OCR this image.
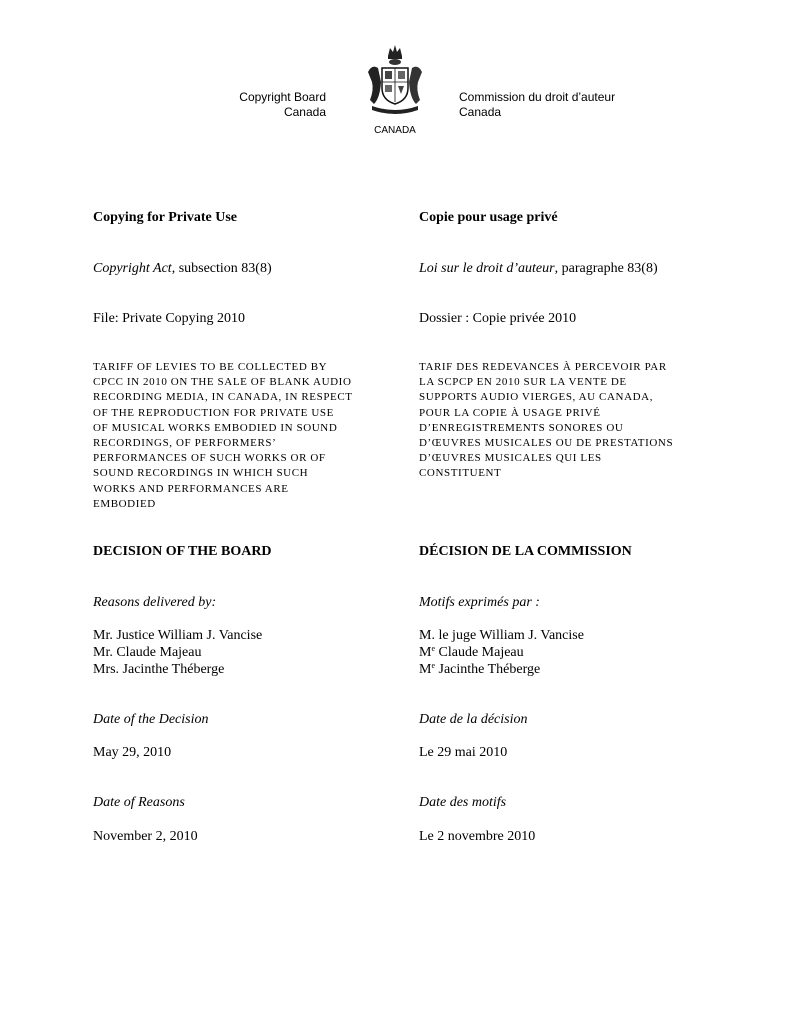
Copyright Board
Canada
CANADA
Commission du droit d’auteur
Canada
Copying for Private Use
Copyright Act, subsection 83(8)
File: Private Copying 2010
TARIFF OF LEVIES TO BE COLLECTED BY
CPCC IN 2010 ON THE SALE OF BLANK AUDIO
RECORDING MEDIA, IN CANADA, IN RESPECT
OF THE REPRODUCTION FOR PRIVATE USE
OF MUSICAL WORKS EMBODIED IN SOUND
RECORDINGS, OF PERFORMERS’
PERFORMANCES OF SUCH WORKS OR OF
SOUND RECORDINGS IN WHICH SUCH
WORKS AND PERFORMANCES ARE
EMBODIED
DECISION OF THE BOARD
Reasons delivered by:
Mr. Justice William J. Vancise
Mr. Claude Majeau
Mrs. Jacinthe Théberge
Date of the Decision
May 29, 2010
Date of Reasons
November 2, 2010
Copie pour usage privé
Loi sur le droit d’auteur, paragraphe 83(8)
Dossier : Copie privée 2010
TARIF DES REDEVANCES À PERCEVOIR PAR
LA SCPCP EN 2010 SUR LA VENTE DE
SUPPORTS AUDIO VIERGES, AU CANADA,
POUR LA COPIE À USAGE PRIVÉ
D’ENREGISTREMENTS SONORES OU
D’ŒUVRES MUSICALES OU DE PRESTATIONS
D’ŒUVRES MUSICALES QUI LES
CONSTITUENT
DÉCISION DE LA COMMISSION
Motifs exprimés par :
M. le juge William J. Vancise
Me Claude Majeau
Me Jacinthe Théberge
Date de la décision
Le 29 mai 2010
Date des motifs
Le 2 novembre 2010
